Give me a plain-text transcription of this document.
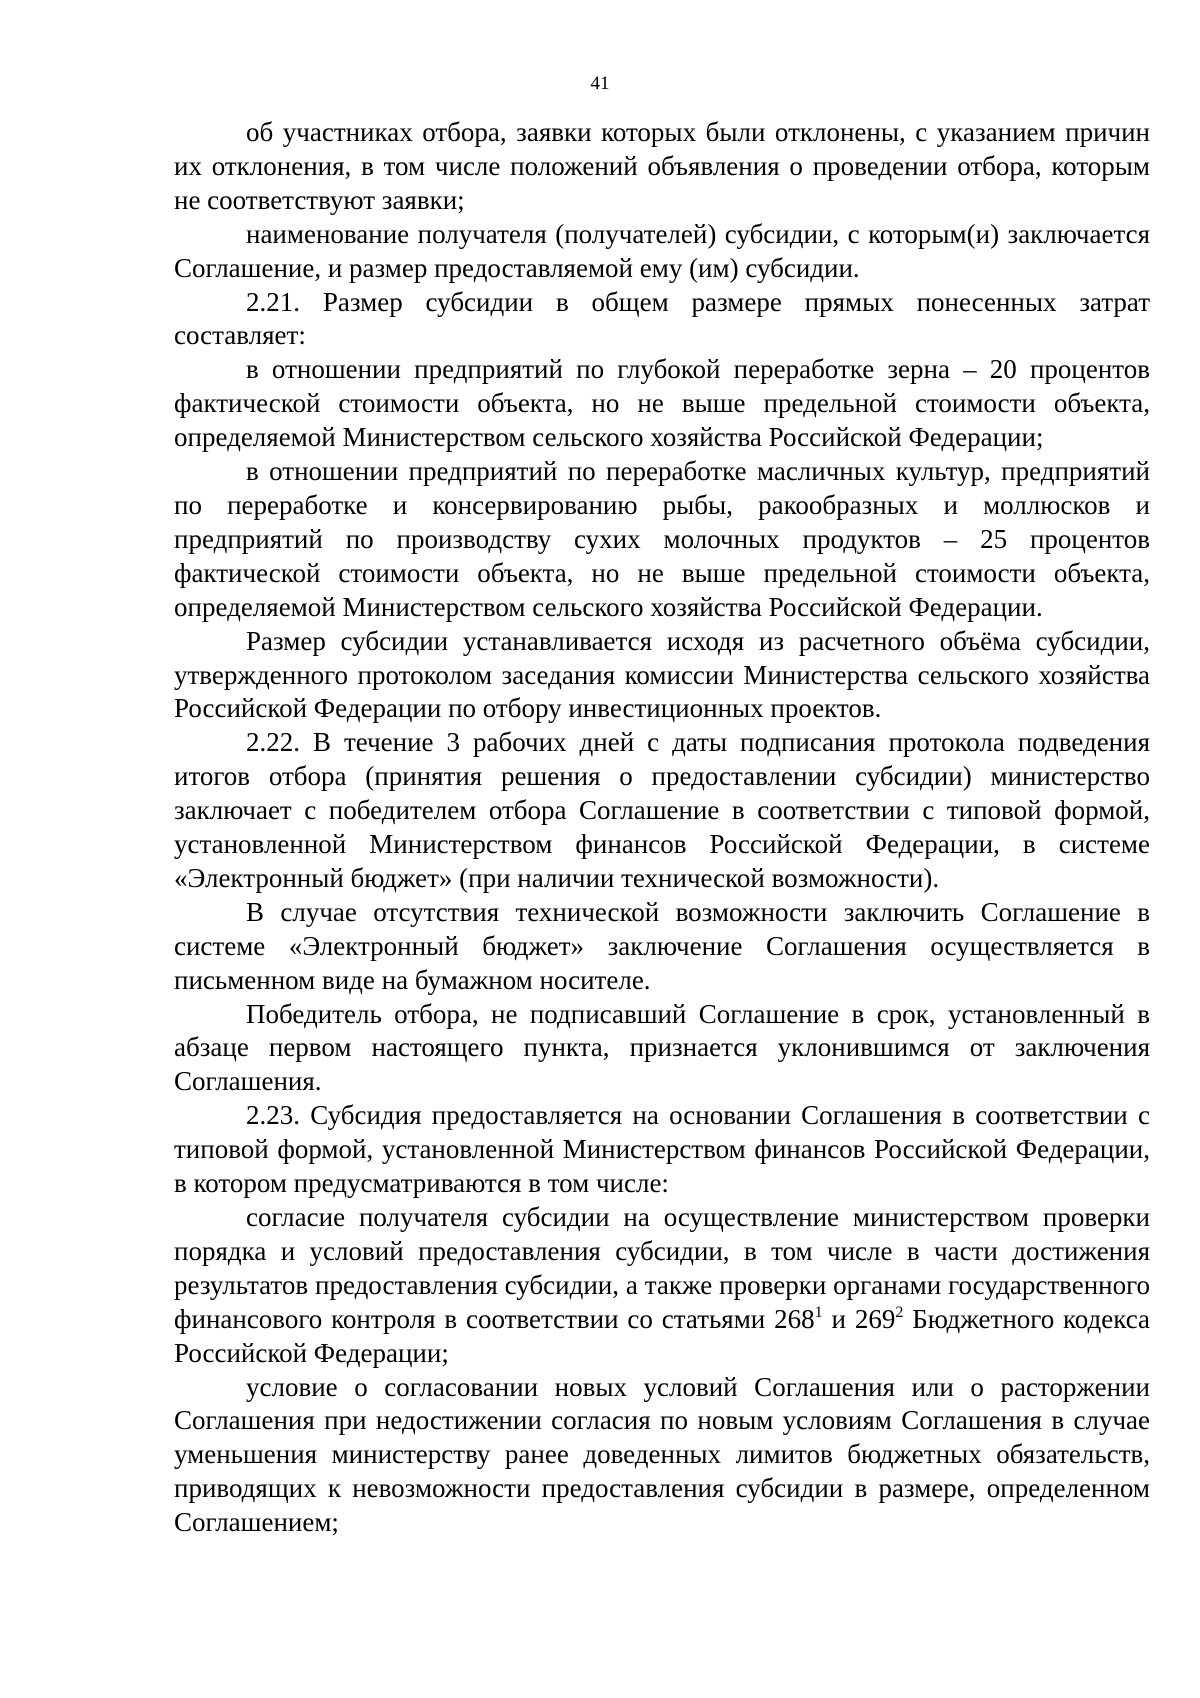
41

об участниках отбора, заявки которых были отклонены, с указанием причин их отклонения, в том числе положений объявления о проведении отбора, которым не соответствуют заявки;

наименование получателя (получателей) субсидии, с которым(и) заключается Соглашение, и размер предоставляемой ему (им) субсидии.

2.21. Размер субсидии в общем размере прямых понесенных затрат составляет:

в отношении предприятий по глубокой переработке зерна – 20 процентов фактической стоимости объекта, но не выше предельной стоимости объекта, определяемой Министерством сельского хозяйства Российской Федерации;

в отношении предприятий по переработке масличных культур, предприятий по переработке и консервированию рыбы, ракообразных и моллюсков и предприятий по производству сухих молочных продуктов – 25 процентов фактической стоимости объекта, но не выше предельной стоимости объекта, определяемой Министерством сельского хозяйства Российской Федерации.

Размер субсидии устанавливается исходя из расчетного объёма субсидии, утвержденного протоколом заседания комиссии Министерства сельского хозяйства Российской Федерации по отбору инвестиционных проектов.

2.22. В течение 3 рабочих дней с даты подписания протокола подведения итогов отбора (принятия решения о предоставлении субсидии) министерство заключает с победителем отбора Соглашение в соответствии с типовой формой, установленной Министерством финансов Российской Федерации, в системе «Электронный бюджет» (при наличии технической возможности).

В случае отсутствия технической возможности заключить Соглашение в системе «Электронный бюджет» заключение Соглашения осуществляется в письменном виде на бумажном носителе.

Победитель отбора, не подписавший Соглашение в срок, установленный в абзаце первом настоящего пункта, признается уклонившимся от заключения Соглашения.

2.23. Субсидия предоставляется на основании Соглашения в соответствии с типовой формой, установленной Министерством финансов Российской Федерации, в котором предусматриваются в том числе:

согласие получателя субсидии на осуществление министерством проверки порядка и условий предоставления субсидии, в том числе в части достижения результатов предоставления субсидии, а также проверки органами государственного финансового контроля в соответствии со статьями $268^1$ и $269^2$ Бюджетного кодекса Российской Федерации;

условие о согласовании новых условий Соглашения или о расторжении Соглашения при недостижении согласия по новым условиям Соглашения в случае уменьшения министерству ранее доведенных лимитов бюджетных обязательств, приводящих к невозможности предоставления субсидии в размере, определенном Соглашением;
